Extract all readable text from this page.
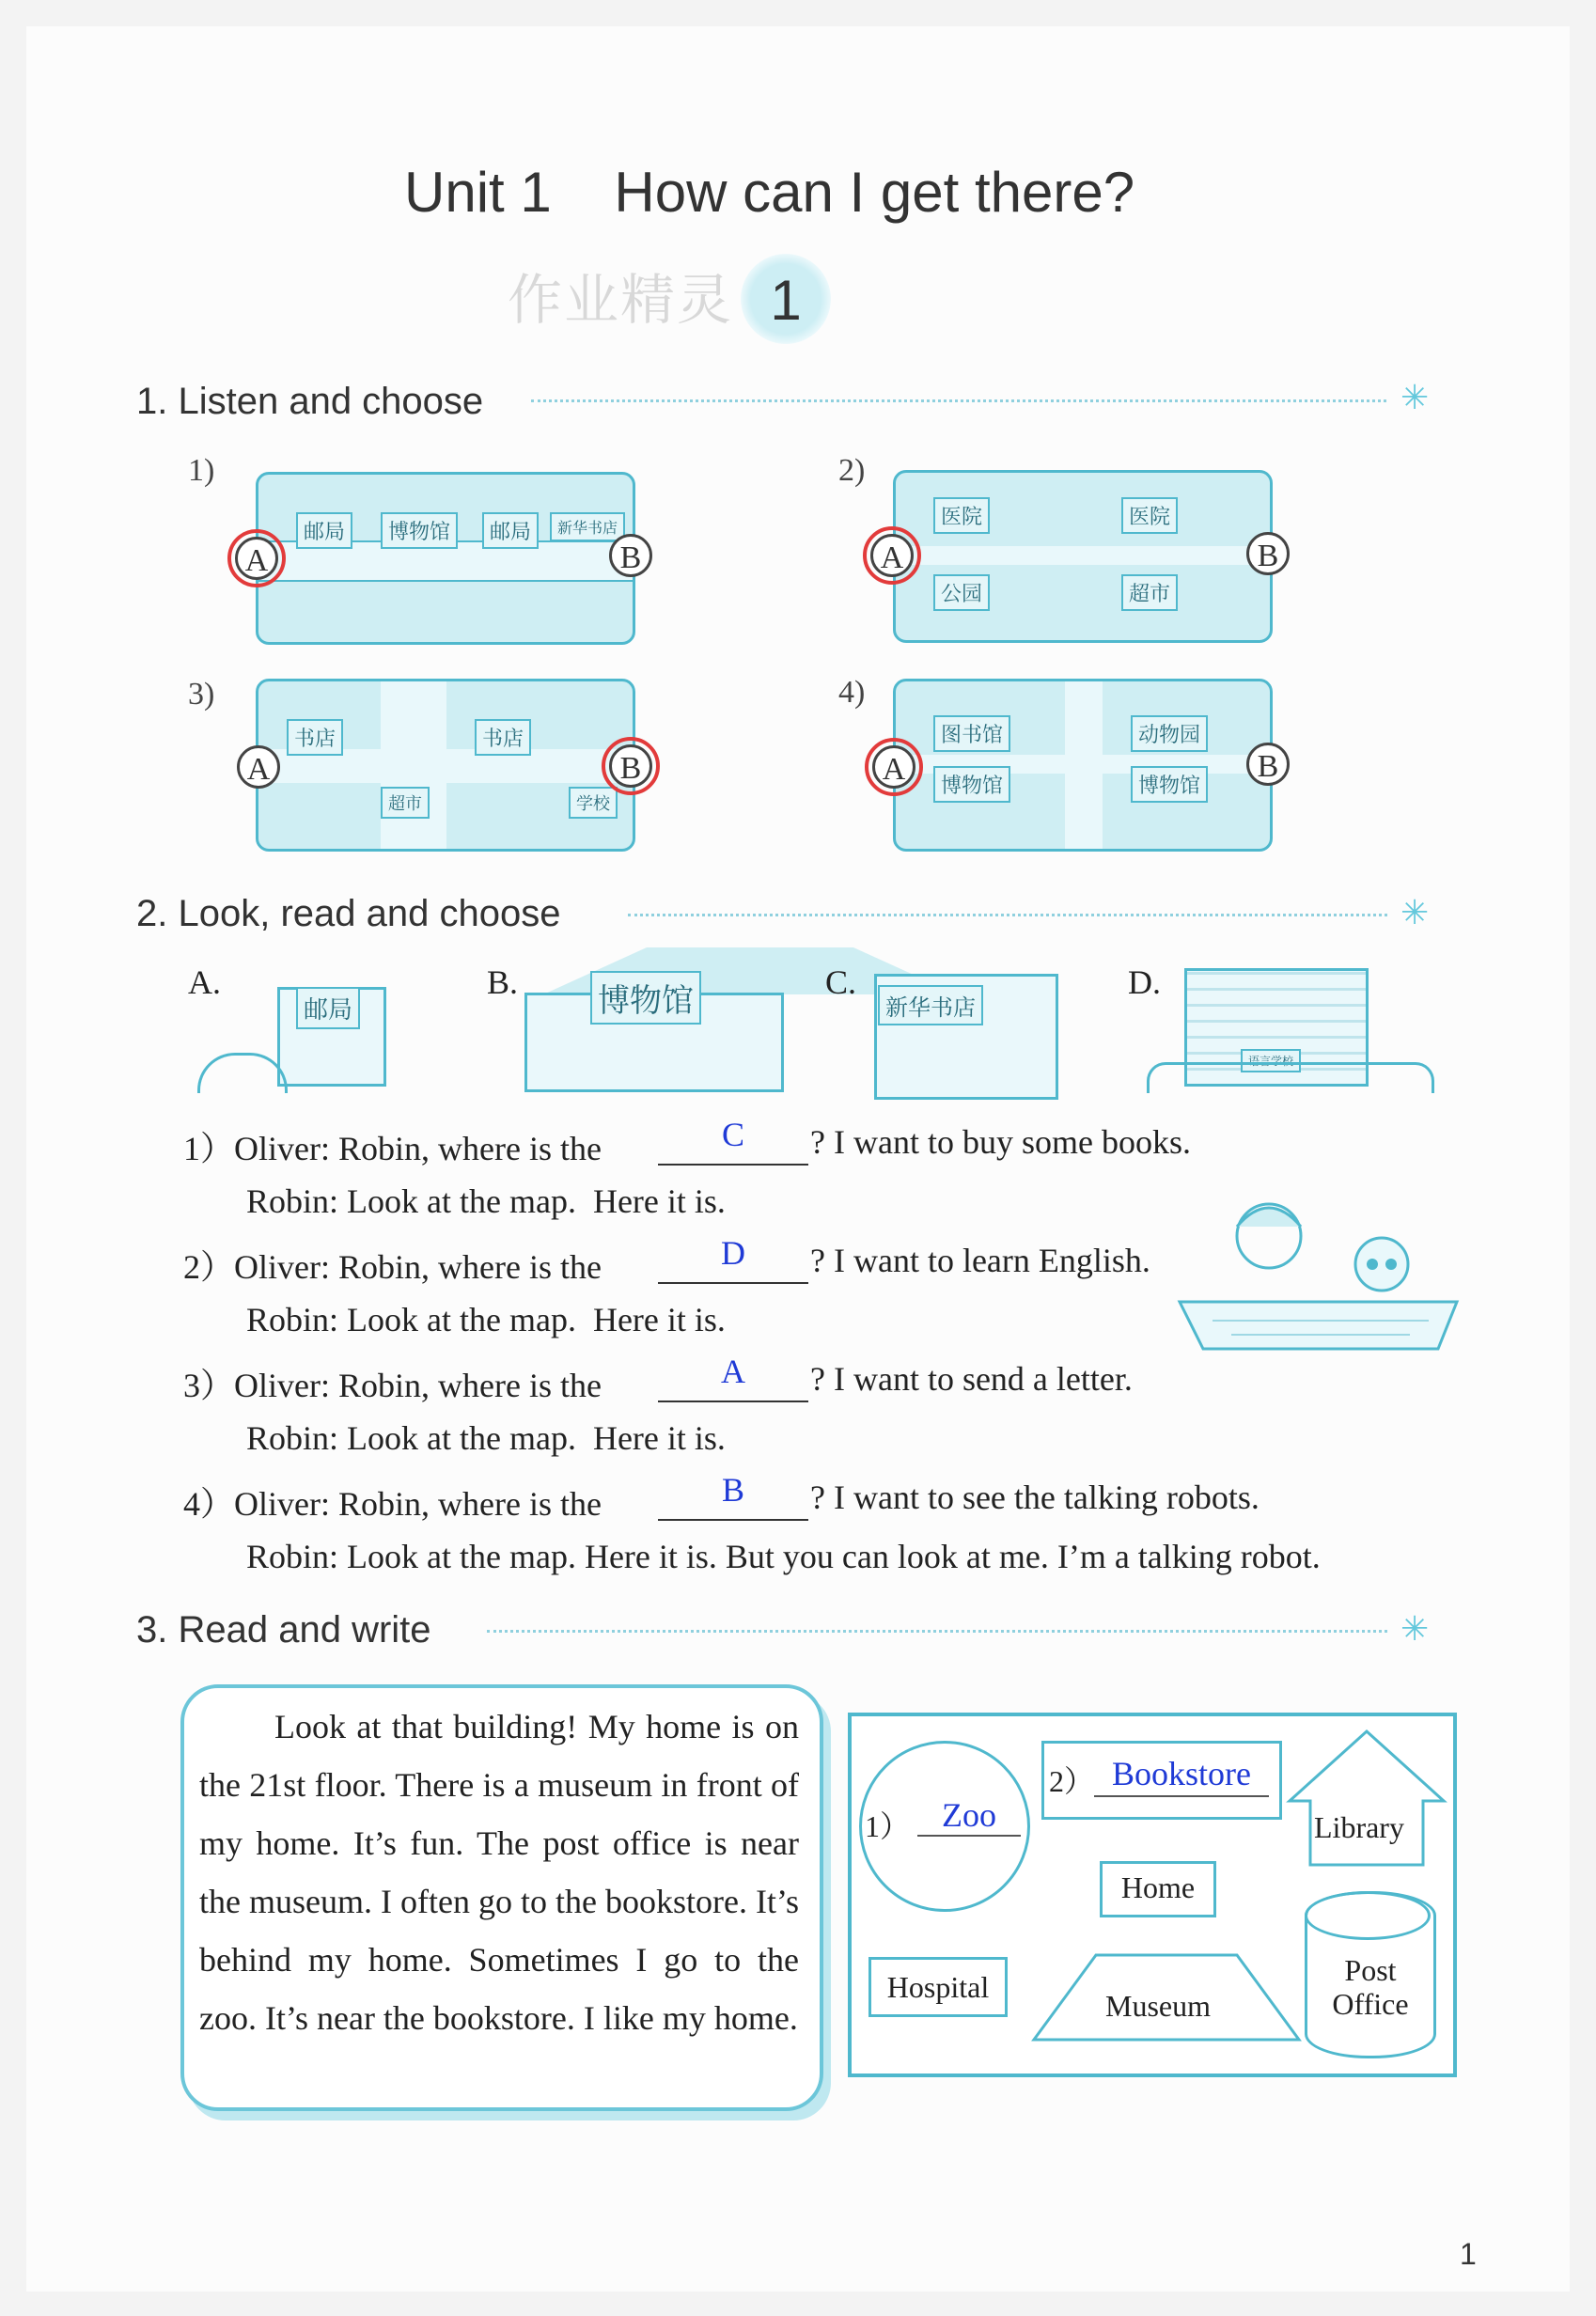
Unit 1    How can I get there?
作业精灵 1
1. Listen and choose	✳
1)
邮局	博物馆	邮局	新华书店
A	B
2)
医院
公园
医院
超市
A	B
3)
书店	书店
超市	学校
A	B
4)
图书馆
博物馆
动物园
博物馆
A	B
2. Look, read and choose	✳
A.
邮局
B. 博物馆	C.
新华书店
D.
语言学校
1）Oliver: Robin, where is the	C	? I want to buy some books.
Robin: Look at the map.  Here it is.
2）Oliver: Robin, where is the	D	? I want to learn English.
Robin: Look at the map.  Here it is.
3）Oliver: Robin, where is the	A	? I want to send a letter.
Robin: Look at the map.  Here it is.
4）Oliver: Robin, where is the	B	? I want to see the talking robots.
Robin: Look at the map. Here it is. But you can look at me. I’m a talking robot.
3. Read and write	✳
Look at that building! My home is on the 21st floor. There is a museum in front of my home. It’s fun. The post office is near the museum. I often go to the bookstore. It’s behind my home. Sometimes I go to the zoo. It’s near the bookstore. I like my home.
1） Zoo
2） Bookstore
Library
Home
Hospital
Museum
Post
Office
1
